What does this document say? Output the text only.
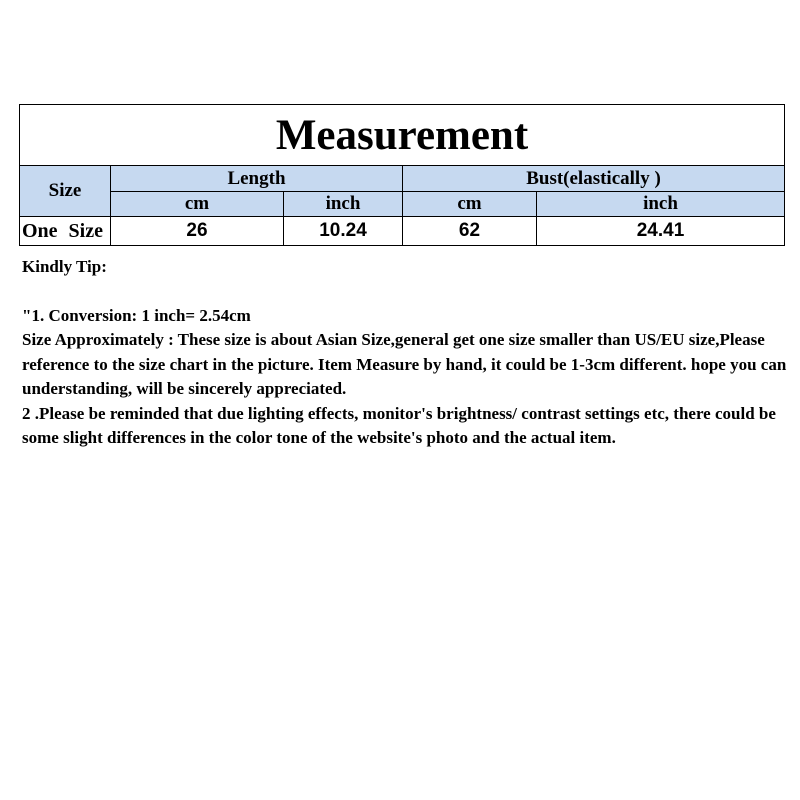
Measurement				
Size	Length		Bust(elastically )	
	cm	inch	cm	inch
One Size	26	10.24	62	24.41

Kindly Tip:

"1. Conversion: 1 inch= 2.54cm

Size Approximately : These size is about Asian Size,general get one size smaller than US/EU size,Please reference to the size chart in the picture. Item Measure by hand, it could be 1-3cm different. hope you can understanding, will be sincerely appreciated.

2 .Please be reminded that due lighting effects, monitor's brightness/ contrast settings etc, there could be some slight differences in the color tone of the website's photo and the actual item.
